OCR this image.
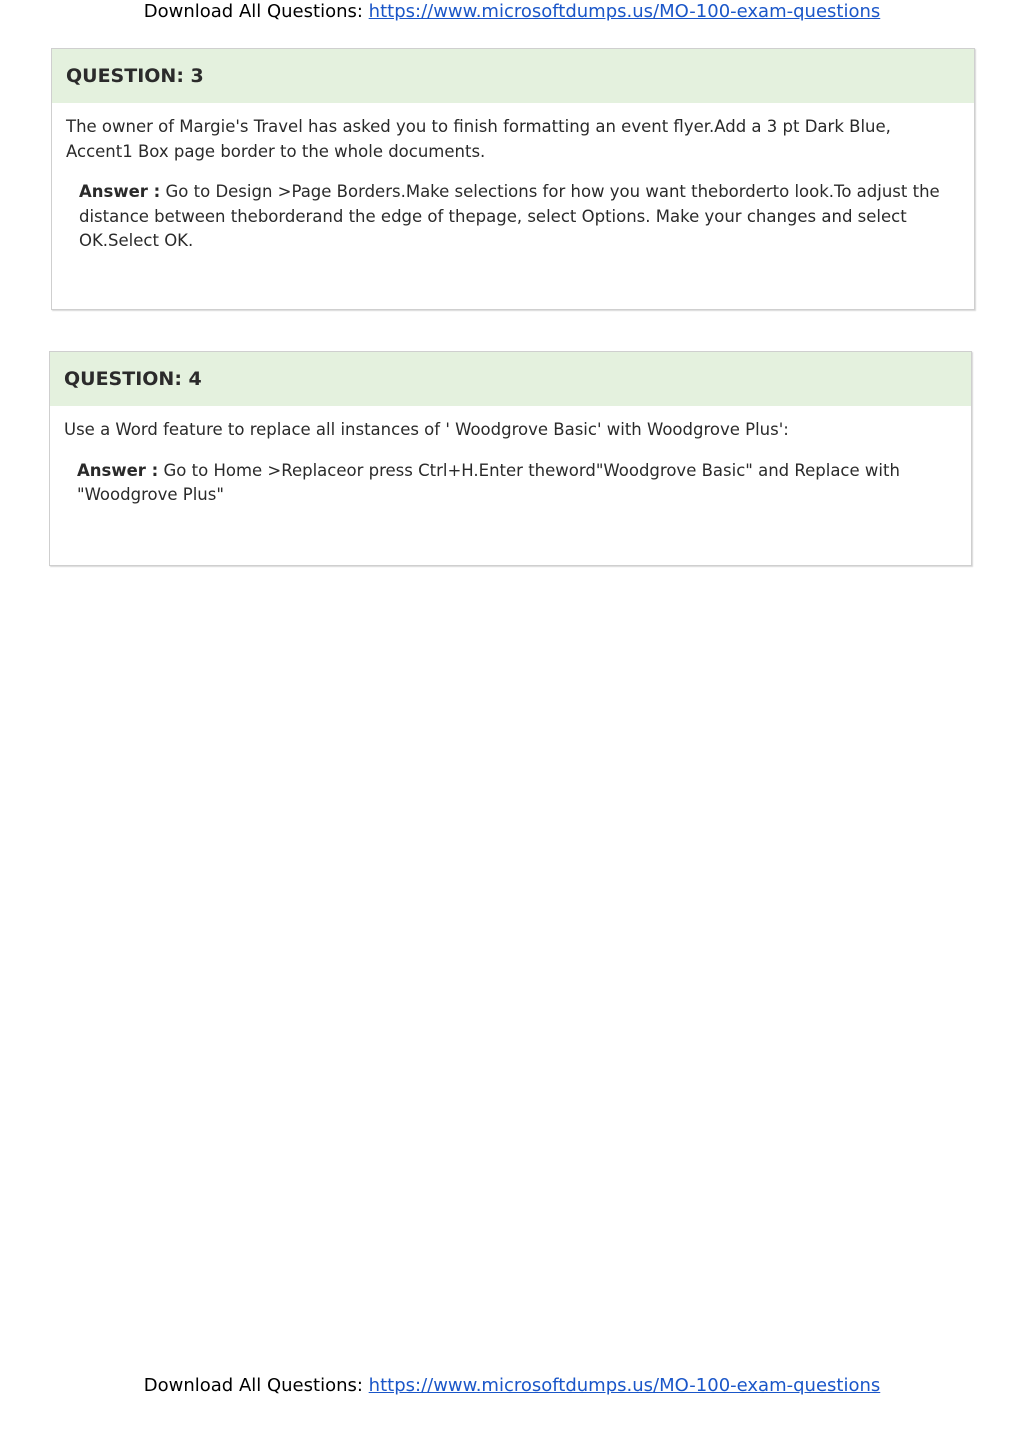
Download All Questions: https://www.microsoftdumps.us/MO-100-exam-questions
QUESTION: 3
The owner of Margie's Travel has asked you to finish formatting an event flyer.Add a 3 pt Dark Blue, Accent1 Box page border to the whole documents.
Answer : Go to Design >Page Borders.Make selections for how you want theborderto look.To adjust the distance between theborderand the edge of thepage, select Options. Make your changes and select OK.Select OK.
QUESTION: 4
Use a Word feature to replace all instances of ' Woodgrove Basic' with Woodgrove Plus':
Answer : Go to Home >Replaceor press Ctrl+H.Enter theword"Woodgrove Basic" and Replace with "Woodgrove Plus"
Download All Questions: https://www.microsoftdumps.us/MO-100-exam-questions
